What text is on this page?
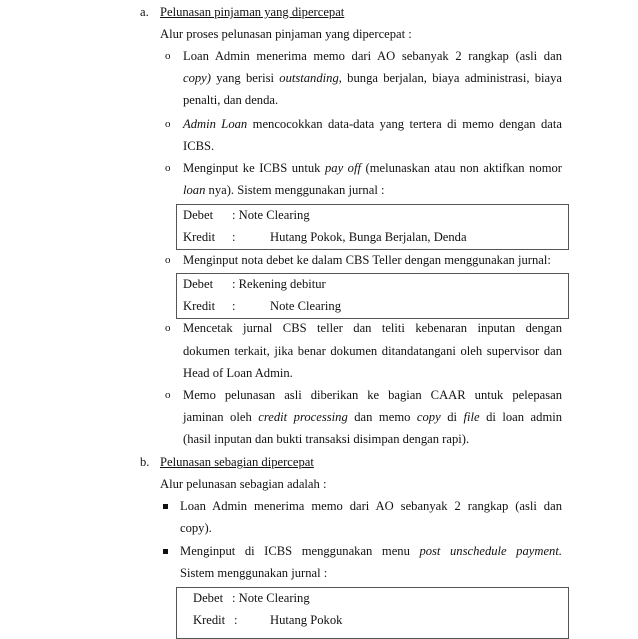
a. Pelunasan pinjaman yang dipercepat
Alur proses pelunasan pinjaman yang dipercepat :
o Loan Admin menerima memo dari AO sebanyak 2 rangkap (asli dan
copy) yang berisi outstanding, bunga berjalan, biaya administrasi, biaya
penalti, dan denda.
o Admin Loan mencocokkan data-data yang tertera di memo dengan data
ICBS.
o Menginput ke ICBS untuk pay off (melunaskan atau non aktifkan nomor
loan nya). Sistem menggunakan jurnal :
Debet : Note Clearing
Kredit :	Hutang Pokok, Bunga Berjalan, Denda
o Menginput nota debet ke dalam CBS Teller dengan menggunakan jurnal:
Debet : Rekening debitur
Kredit :	Note Clearing
o Mencetak jurnal CBS teller dan teliti kebenaran inputan dengan
dokumen terkait, jika benar dokumen ditandatangani oleh supervisor dan
Head of Loan Admin.
o Memo pelunasan asli diberikan ke bagian CAAR untuk pelepasan
jaminan oleh credit processing dan memo copy di file di loan admin
(hasil inputan dan bukti transaksi disimpan dengan rapi).
b. Pelunasan sebagian dipercepat
Alur pelunasan sebagian adalah :
Loan Admin menerima memo dari AO sebanyak 2 rangkap (asli dan
copy).
Menginput di ICBS menggunakan menu post unschedule payment.
Sistem menggunakan jurnal :
Debet : Note Clearing
Kredit :	Hutang Pokok
